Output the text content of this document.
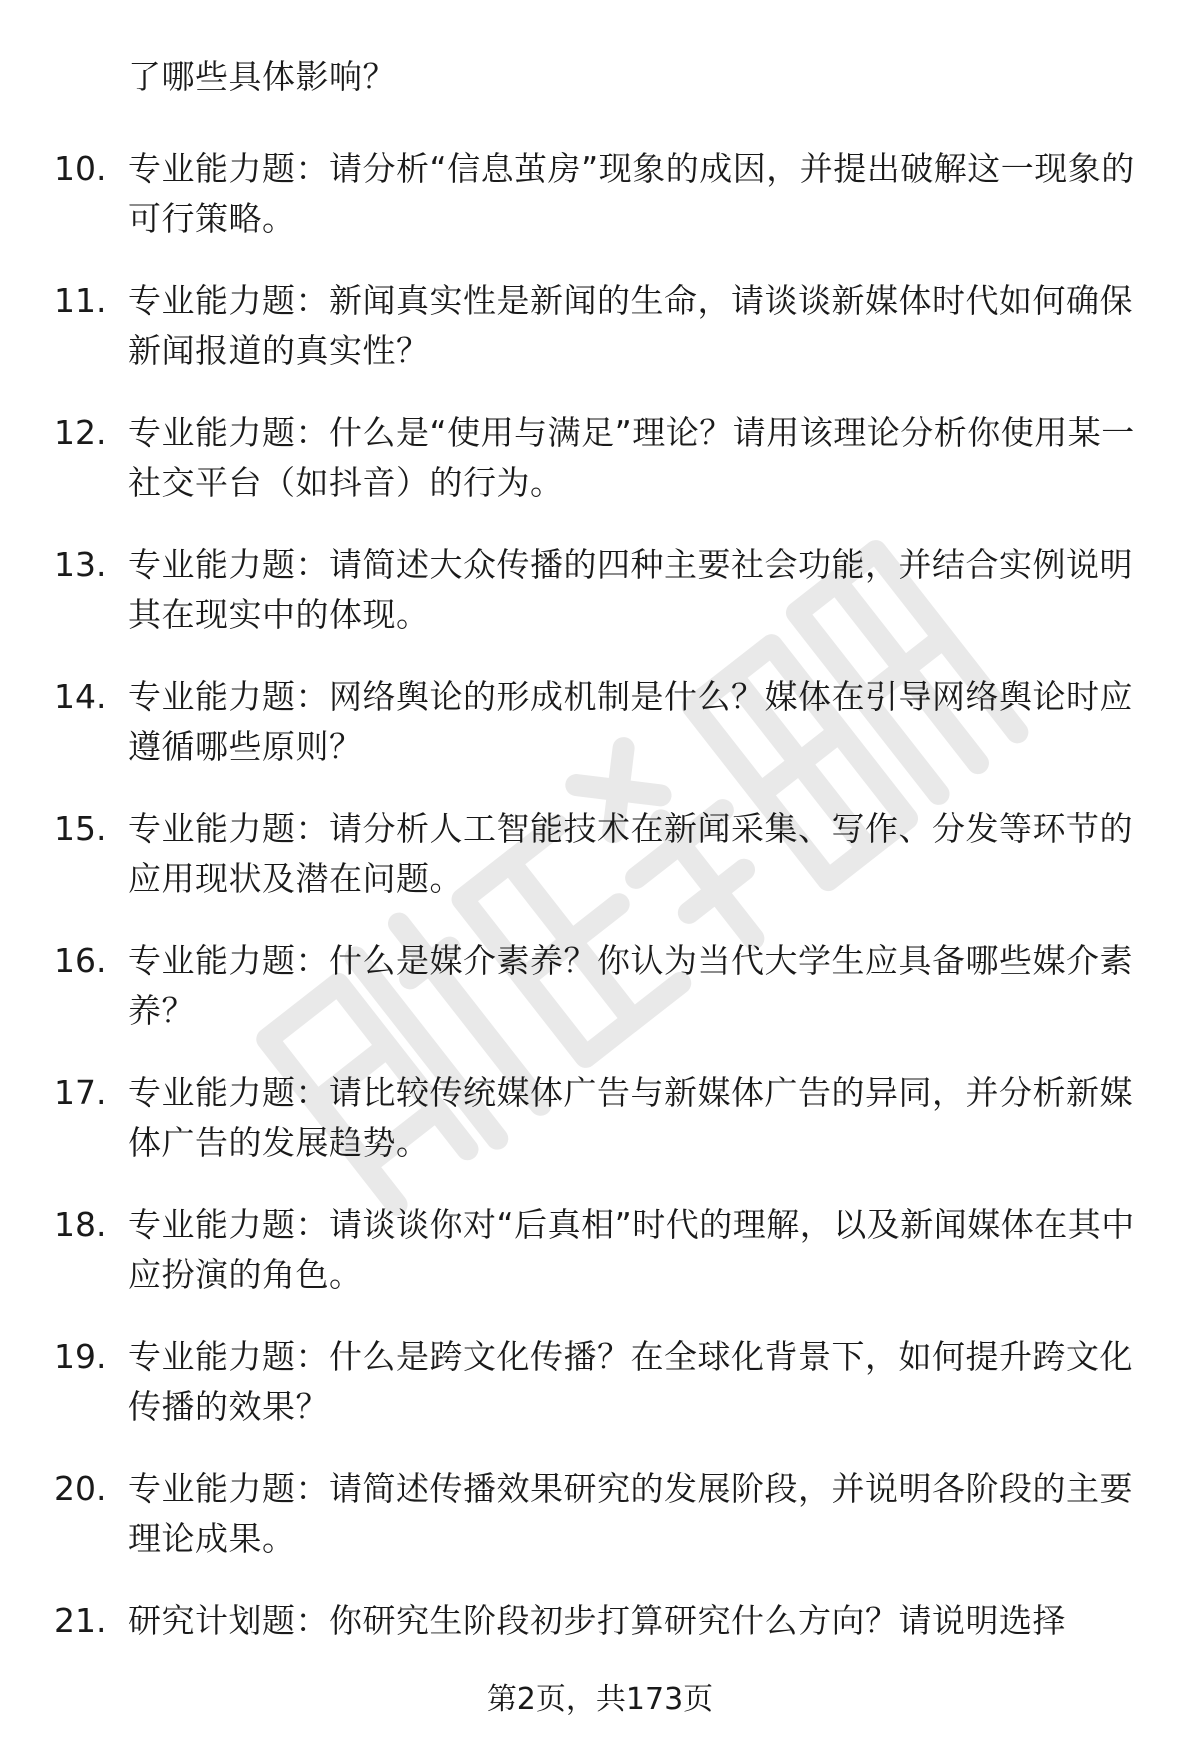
了哪些具体影响？
10. 专业能力题：请分析“信息茧房”现象的成因，并提出破解这一现象的可行策略。
11. 专业能力题：新闻真实性是新闻的生命，请谈谈新媒体时代如何确保新闻报道的真实性？
12. 专业能力题：什么是“使用与满足”理论？请用该理论分析你使用某一社交平台（如抖音）的行为。
13. 专业能力题：请简述大众传播的四种主要社会功能，并结合实例说明其在现实中的体现。
14. 专业能力题：网络舆论的形成机制是什么？媒体在引导网络舆论时应遵循哪些原则？
15. 专业能力题：请分析人工智能技术在新闻采集、写作、分发等环节的应用现状及潜在问题。
16. 专业能力题：什么是媒介素养？你认为当代大学生应具备哪些媒介素养？
17. 专业能力题：请比较传统媒体广告与新媒体广告的异同，并分析新媒体广告的发展趋势。
18. 专业能力题：请谈谈你对“后真相”时代的理解，以及新闻媒体在其中应扮演的角色。
19. 专业能力题：什么是跨文化传播？在全球化背景下，如何提升跨文化传播的效果？
20. 专业能力题：请简述传播效果研究的发展阶段，并说明各阶段的主要理论成果。
21. 研究计划题：你研究生阶段初步打算研究什么方向？请说明选择
第2页，共173页
